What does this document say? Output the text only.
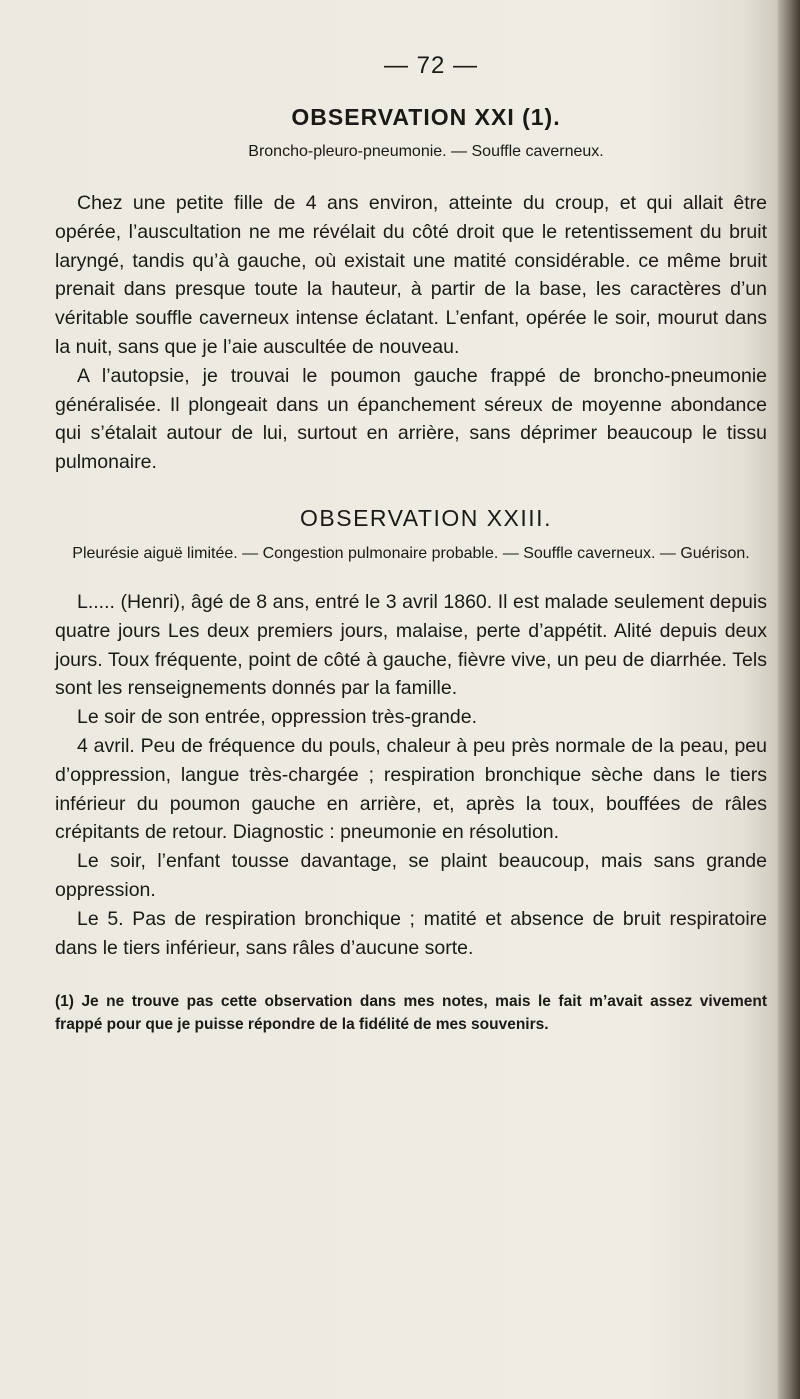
— 72 —
OBSERVATION XXI (1).
Broncho-pleuro-pneumonie. — Souffle caverneux.

Chez une petite fille de 4 ans environ, atteinte du croup, et qui allait être opérée, l’auscultation ne me révélait du côté droit que le retentissement du bruit laryngé, tandis qu’à gauche, où existait une matité considérable. ce même bruit prenait dans presque toute la hauteur, à partir de la base, les caractères d’un véritable souffle caverneux intense éclatant. L’enfant, opérée le soir, mourut dans la nuit, sans que je l’aie auscultée de nouveau.

A l’autopsie, je trouvai le poumon gauche frappé de broncho-pneumonie généralisée. Il plongeait dans un épanchement séreux de moyenne abondance qui s’étalait autour de lui, surtout en arrière, sans déprimer beaucoup le tissu pulmonaire.

OBSERVATION XXIII.
Pleurésie aiguë limitée. — Congestion pulmonaire probable. — Souffle caverneux. — Guérison.

L..... (Henri), âgé de 8 ans, entré le 3 avril 1860. Il est malade seulement depuis quatre jours Les deux premiers jours, malaise, perte d’appétit. Alité depuis deux jours. Toux fréquente, point de côté à gauche, fièvre vive, un peu de diarrhée. Tels sont les renseignements donnés par la famille.

Le soir de son entrée, oppression très-grande.

4 avril. Peu de fréquence du pouls, chaleur à peu près normale de la peau, peu d’oppression, langue très-chargée ; respiration bronchique sèche dans le tiers inférieur du poumon gauche en arrière, et, après la toux, bouffées de râles crépitants de retour. Diagnostic : pneumonie en résolution.

Le soir, l’enfant tousse davantage, se plaint beaucoup, mais sans grande oppression.

Le 5. Pas de respiration bronchique ; matité et absence de bruit respiratoire dans le tiers inférieur, sans râles d’aucune sorte.

(1) Je ne trouve pas cette observation dans mes notes, mais le fait m’avait assez vivement frappé pour que je puisse répondre de la fidélité de mes souvenirs.
